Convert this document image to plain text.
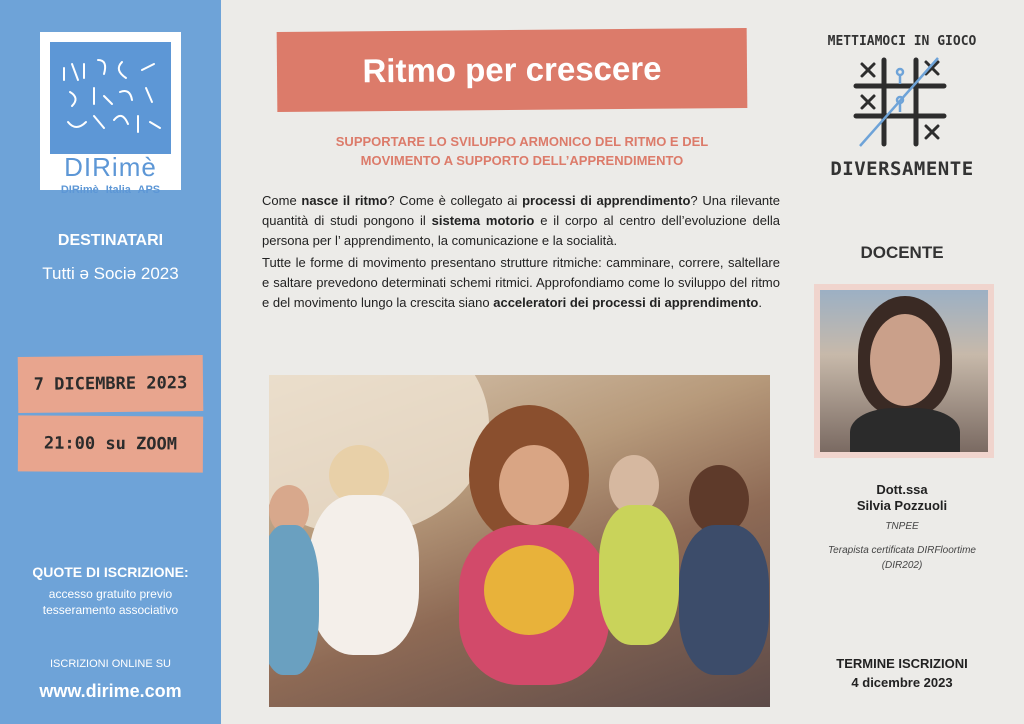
DIRimè
DIRimè Italia APS
DESTINATARI
Tutti ə Sociə 2023
7 DICEMBRE 2023
21:00 su ZOOM
QUOTE DI ISCRIZIONE:
accesso gratuito previo
tesseramento associativo
ISCRIZIONI ONLINE SU
www.dirime.com
Ritmo per crescere
SUPPORTARE LO SVILUPPO ARMONICO DEL RITMO E DEL
MOVIMENTO A SUPPORTO DELL’APPRENDIMENTO

Come nasce il ritmo? Come è collegato ai processi di apprendimento? Una rilevante quantità di studi pongono il sistema motorio e il corpo al centro dell’evoluzione della persona per l’ apprendimento, la comunicazione e la socialità.

Tutte le forme di movimento presentano strutture ritmiche: camminare, correre, saltellare e saltare prevedono determinati schemi ritmici. Approfondiamo come lo sviluppo del ritmo e del movimento lungo la crescita siano acceleratori dei processi di apprendimento.

METTIAMOCI IN GIOCO
DIVERSAMENTE
DOCENTE
Dott.ssa
Silvia Pozzuoli
TNPEE
Terapista certificata DIRFloortime
(DIR202)
TERMINE ISCRIZIONI
4 dicembre 2023
